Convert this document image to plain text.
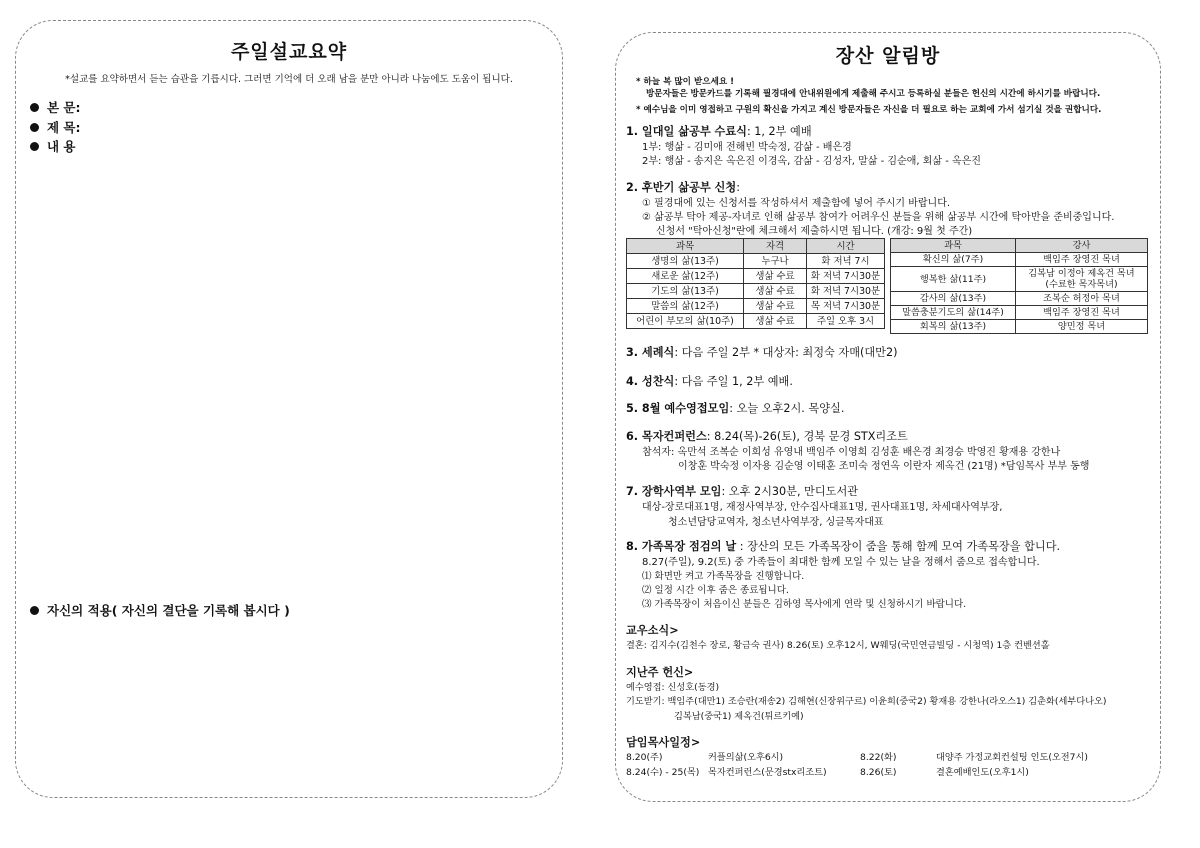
주일설교요약
*설교를 요약하면서 듣는 습관을 기릅시다. 그러면 기억에 더 오래 남을 분만 아니라 나눔에도 도움이 됩니다.
본 문:
제 목:
내 용
자신의 적용( 자신의 결단을 기록해 봅시다 )
장산 알림방
* 하늘 복 많이 받으세요 !
방문자들은 방문카드를 기록해 필경대에 안내위원에게 제출해 주시고 등록하실 분들은 헌신의 시간에 하시기를 바랍니다.
* 예수님을 이미 영접하고 구원의 확신을 가지고 계신 방문자들은 자신을 더 필요로 하는 교회에 가서 섬기실 것을 권합니다.
1. 일대일 삶공부 수료식: 1, 2부 예배
1부: 행삶 - 김미애 전해빈 박숙정, 감삶 - 배은경
2부: 행삶 - 송지은 옥은진 이경옥, 감삶 - 김성자, 말삶 - 김순애, 회삶 - 옥은진
2. 후반기 삶공부 신청:
① 필경대에 있는 신청서를 작성하셔서 제출함에 넣어 주시기 바랍니다.
② 삶공부 탁아 제공-자녀로 인해 삶공부 참여가 어려우신 분들을 위해 삶공부 시간에 탁아반을 준비중입니다.
신청서 "탁아신청"란에 체크해서 제출하시면 됩니다. (개강: 9월 첫 주간)
과목	자격	시간
생명의 삶(13주)	누구나	화 저녁 7시
새로운 삶(12주)	생삶 수료	화 저녁 7시30분
기도의 삶(13주)	생삶 수료	화 저녁 7시30분
말씀의 삶(12주)	생삶 수료	목 저녁 7시30분
어린이 부모의 삶(10주)	생삶 수료	주일 오후 3시
과목	강사
확신의 삶(7주)	백임주 장영진 목녀
행복한 삶(11주)	김복남 이정아 제옥건 목녀
(수료한 목자목녀)
감사의 삶(13주)	조복순 허정아 목녀
말씀충분기도의 삶(14주)	백임주 장영진 목녀
회복의 삶(13주)	양민정 목녀
3. 세례식: 다음 주일 2부 * 대상자: 최정숙 자매(대만2)
4. 성찬식: 다음 주일 1, 2부 예배.
5. 8월 예수영접모임: 오늘 오후2시. 목양실.
6. 목자컨퍼런스: 8.24(목)-26(토), 경북 문경 STX리조트
참석자: 옥만석 조복순 이희성 유영내 백임주 이영희 김성훈 배은경 최경승 박영진 황재용 강한나
이창훈 박숙정 이자용 김순영 이태훈 조미숙 정연옥 이란자 제옥건 (21명) *담임목사 부부 동행
7. 장학사역부 모임: 오후 2시30분, 만디도서관
대상-장로대표1명, 재정사역부장, 안수집사대표1명, 권사대표1명, 차세대사역부장,
청소년담당교역자, 청소년사역부장, 싱글목자대표
8. 가족목장 점검의 날 : 장산의 모든 가족목장이 줌을 통해 함께 모여 가족목장을 합니다.
8.27(주일), 9.2(토) 중 가족들이 최대한 함께 모일 수 있는 날을 정해서 줌으로 접속합니다.
⑴ 화면만 켜고 가족목장을 진행합니다.
⑵ 일정 시간 이후 줌은 종료됩니다.
⑶ 가족목장이 처음이신 분들은 김하영 목사에게 연락 및 신청하시기 바랍니다.
교우소식>
결혼: 김지수(김천수 장로, 황금숙 권사) 8.26(토) 오후12시, W웨딩(국민연금빌딩 - 시청역) 1층 컨벤션홀
지난주 헌신>
예수영접: 신성호(동경)
기도받기: 백임주(대만1) 조승란(재송2) 김해현(신장위구르) 이윤희(중국2) 황재용 강한나(라오스1) 김춘화(세부다나오)
김복남(중국1) 제옥건(튀르키예)
담임목사일정>
8.20(주)	커플의삶(오후6시)	8.22(화)	대양주 가정교회컨설팅 인도(오전7시)
8.24(수) - 25(목) 목자컨퍼런스(문경stx리조트)	8.26(토)	결혼예배인도(오후1시)
